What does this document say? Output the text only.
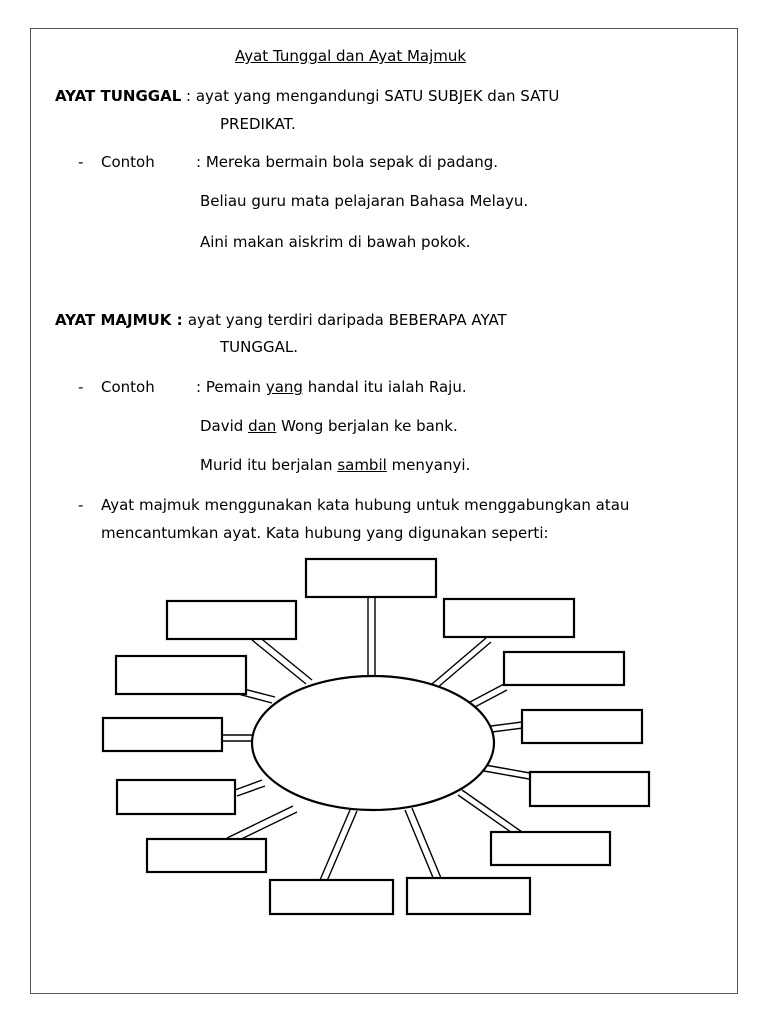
Ayat Tunggal dan Ayat Majmuk
AYAT TUNGGAL : ayat yang mengandungi SATU SUBJEK dan SATU
PREDIKAT.
- Contoh	: Mereka bermain bola sepak di padang.
Beliau guru mata pelajaran Bahasa Melayu.
Aini makan aiskrim di bawah pokok.
AYAT MAJMUK : ayat yang terdiri daripada BEBERAPA AYAT
TUNGGAL.
- Contoh	: Pemain yang handal itu ialah Raju.
David dan Wong berjalan ke bank.
Murid itu berjalan sambil menyanyi.
- Ayat majmuk menggunakan kata hubung untuk menggabungkan atau
mencantumkan ayat. Kata hubung yang digunakan seperti:
